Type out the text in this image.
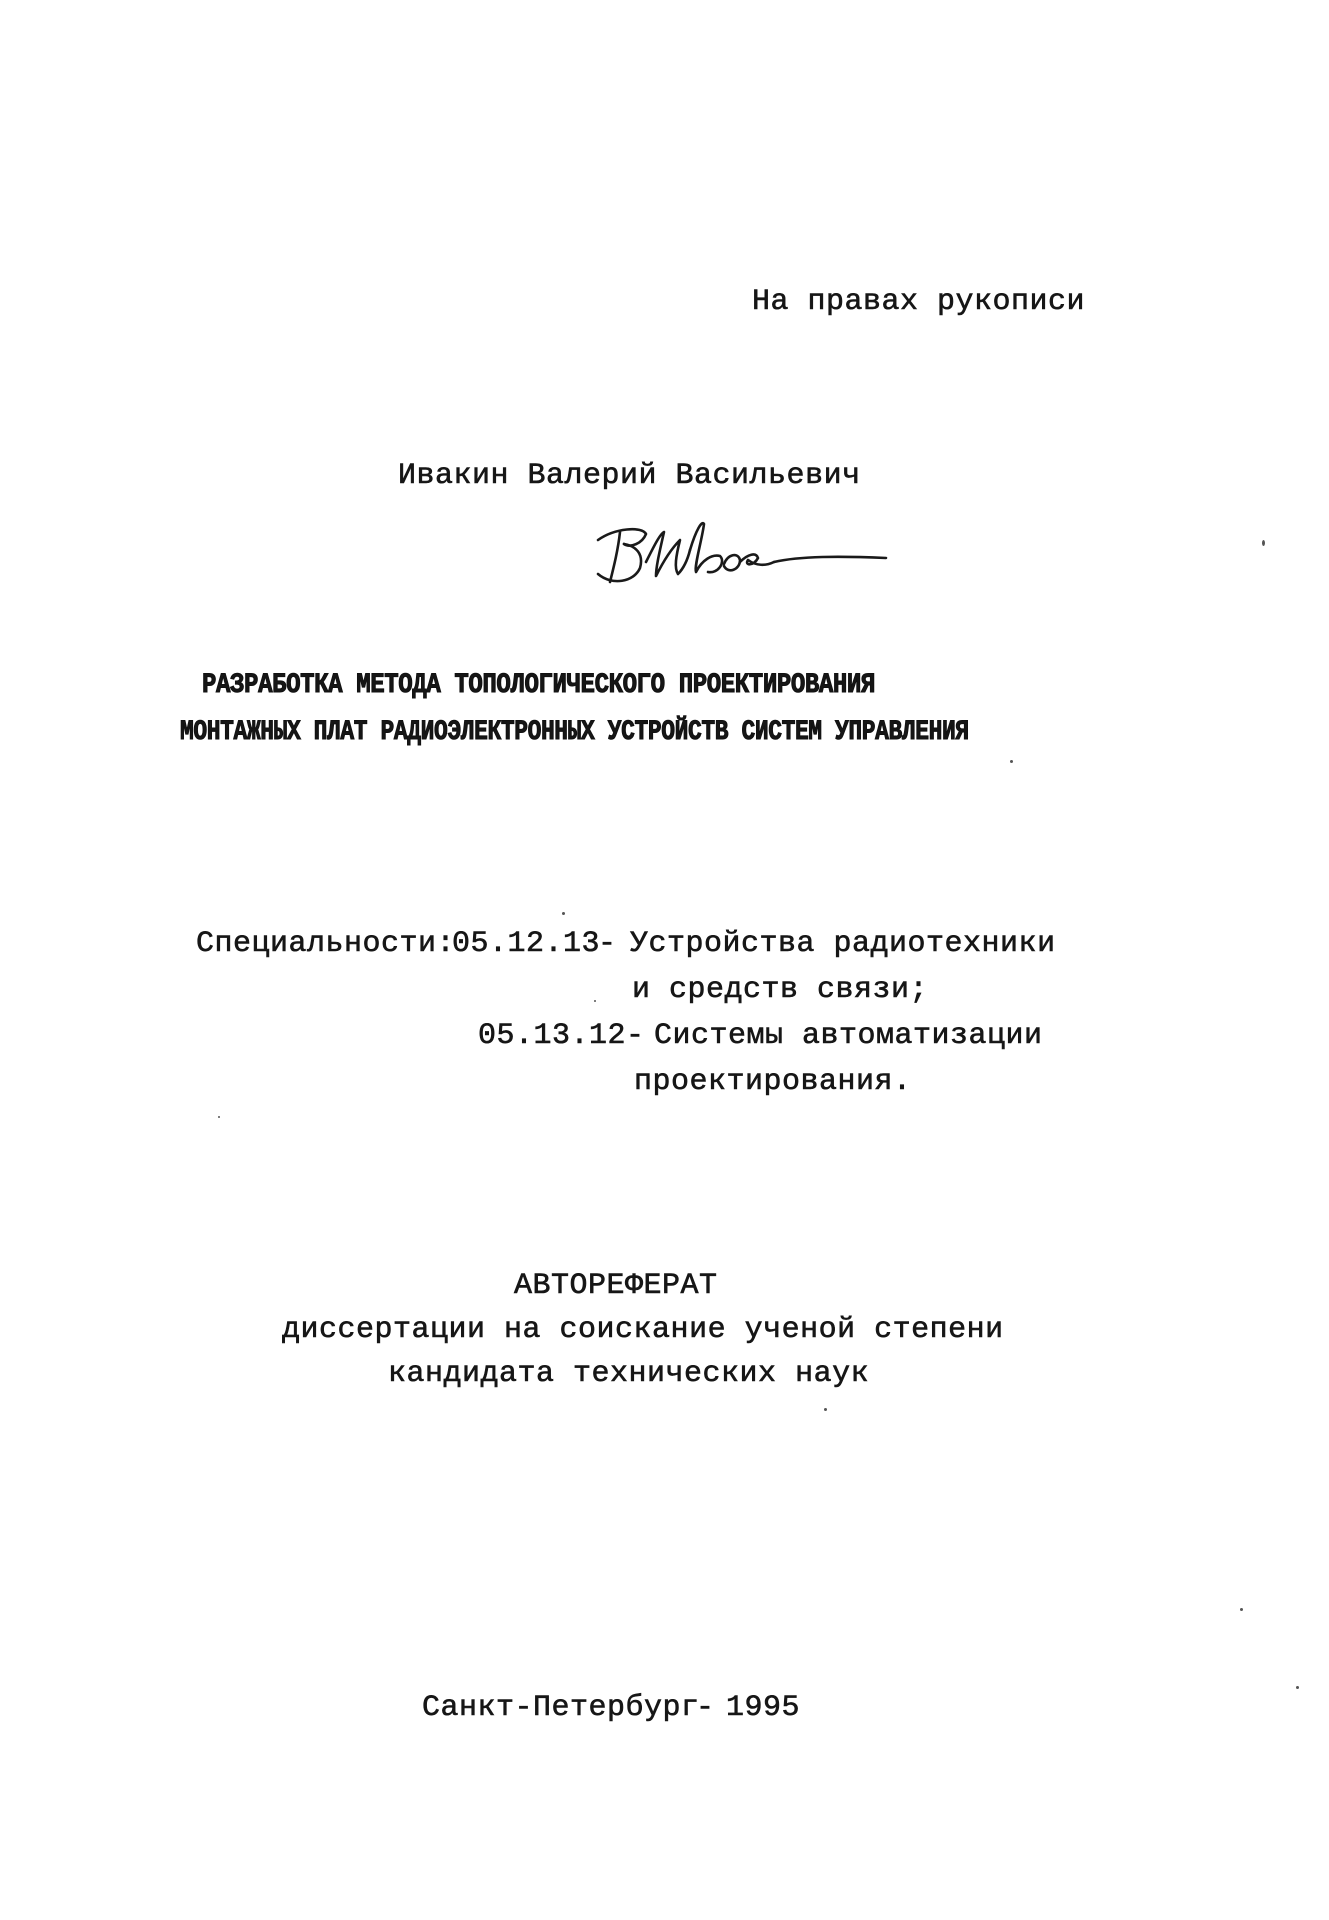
На правах рукописи
Ивакин Валерий Васильевич
РАЗРАБОТКА МЕТОДА ТОПОЛОГИЧЕСКОГО ПРОЕКТИРОВАНИЯ
МОНТАЖНЫХ ПЛАТ РАДИОЭЛЕКТРОННЫХ УСТРОЙСТВ СИСТЕМ УПРАВЛЕНИЯ
Специальности:
05.12.13
- Устройства радиотехники
и средств связи;
05.13.12 - Системы автоматизации
проектирования.
АВТОРЕФЕРАТ
диссертации на соискание ученой степени
кандидата технических наук
Санкт-Петербург
- 1995
